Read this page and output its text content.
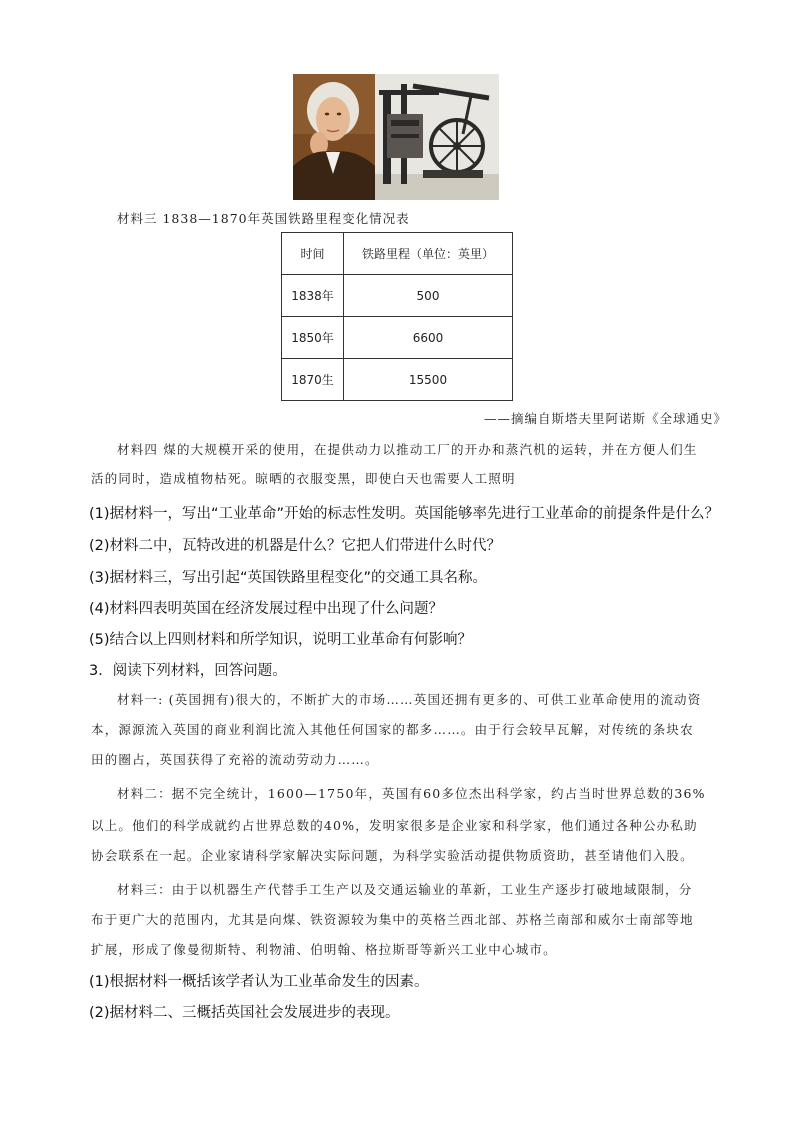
材料三 1838—1870年英国铁路里程变化情况表
时间	铁路里程（单位：英里）
1838年	500
1850年	6600
1870生	15500
——摘编自斯塔夫里阿诺斯《全球通史》
材料四 煤的大规模开采的使用，在提供动力以推动工厂的开办和蒸汽机的运转，并在方便人们生
活的同时，造成植物枯死。晾晒的衣服变黑，即使白天也需要人工照明
(1)据材料一，写出“工业革命”开始的标志性发明。英国能够率先进行工业革命的前提条件是什么？
(2)材料二中，瓦特改进的机器是什么？它把人们带进什么时代？
(3)据材料三，写出引起“英国铁路里程变化”的交通工具名称。
(4)材料四表明英国在经济发展过程中出现了什么问题？
(5)结合以上四则材料和所学知识，说明工业革命有何影响？
3．阅读下列材料，回答问题。
材料一: (英国拥有)很大的，不断扩大的市场……英国还拥有更多的、可供工业革命使用的流动资
本，源源流入英国的商业利润比流入其他任何国家的都多……。由于行会较早瓦解，对传统的条块农
田的圈占，英国获得了充裕的流动劳动力……。
材料二：据不完全统计，1600—1750年，英国有60多位杰出科学家，约占当时世界总数的36%
以上。他们的科学成就约占世界总数的40%，发明家很多是企业家和科学家，他们通过各种公办私助
协会联系在一起。企业家请科学家解决实际问题，为科学实验活动提供物质资助，甚至请他们入股。
材料三：由于以机器生产代替手工生产以及交通运输业的革新，工业生产逐步打破地域限制，分
布于更广大的范围内，尤其是向煤、铁资源较为集中的英格兰西北部、苏格兰南部和威尔士南部等地
扩展，形成了像曼彻斯特、利物浦、伯明翰、格拉斯哥等新兴工业中心城市。
(1)根据材料一概括该学者认为工业革命发生的因素。
(2)据材料二、三概括英国社会发展进步的表现。
